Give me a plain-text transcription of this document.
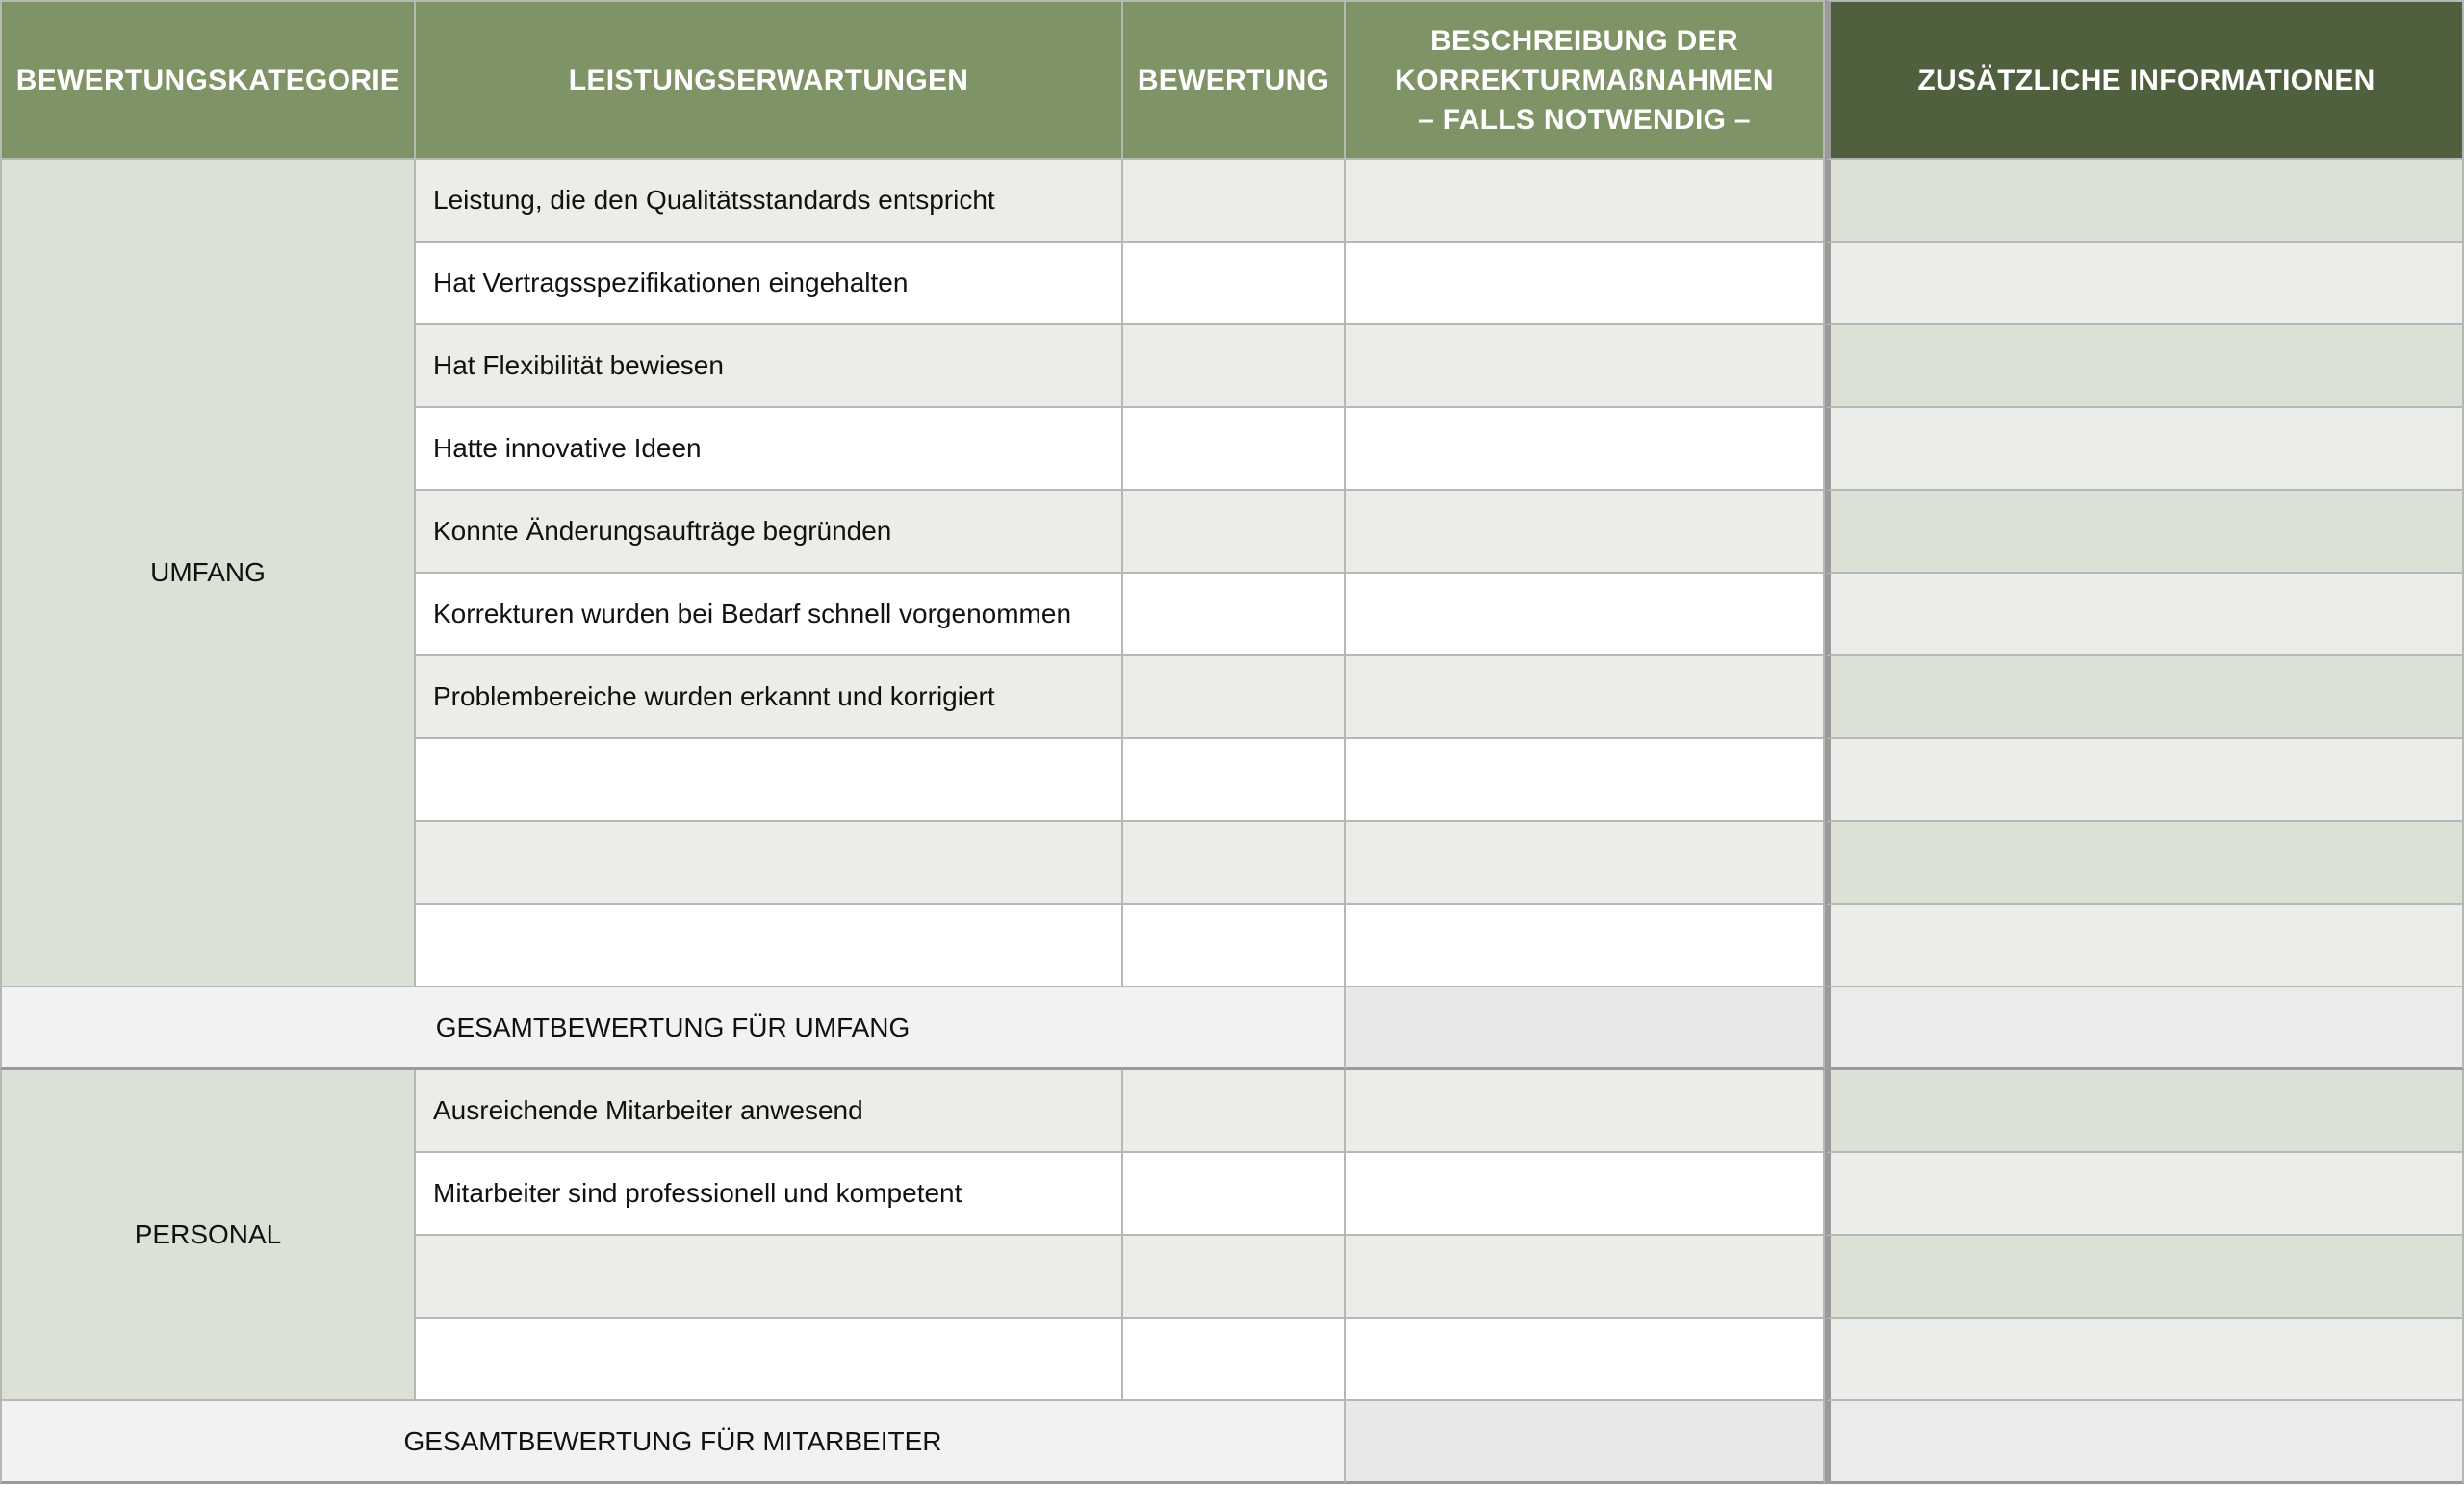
BEWERTUNGSKATEGORIE	LEISTUNGSERWARTUNGEN	BEWERTUNG
BESCHREIBUNG DER
KORREKTURMAßNAHMEN
– FALLS NOTWENDIG –
ZUSÄTZLICHE INFORMATIONEN
UMFANG
Leistung, die den Qualitätsstandards entspricht
Hat Vertragsspezifikationen eingehalten
Hat Flexibilität bewiesen
Hatte innovative Ideen
Konnte Änderungsaufträge begründen
Korrekturen wurden bei Bedarf schnell vorgenommen
Problembereiche wurden erkannt und korrigiert
GESAMTBEWERTUNG FÜR UMFANG
PERSONAL
Ausreichende Mitarbeiter anwesend
Mitarbeiter sind professionell und kompetent
GESAMTBEWERTUNG FÜR MITARBEITER
